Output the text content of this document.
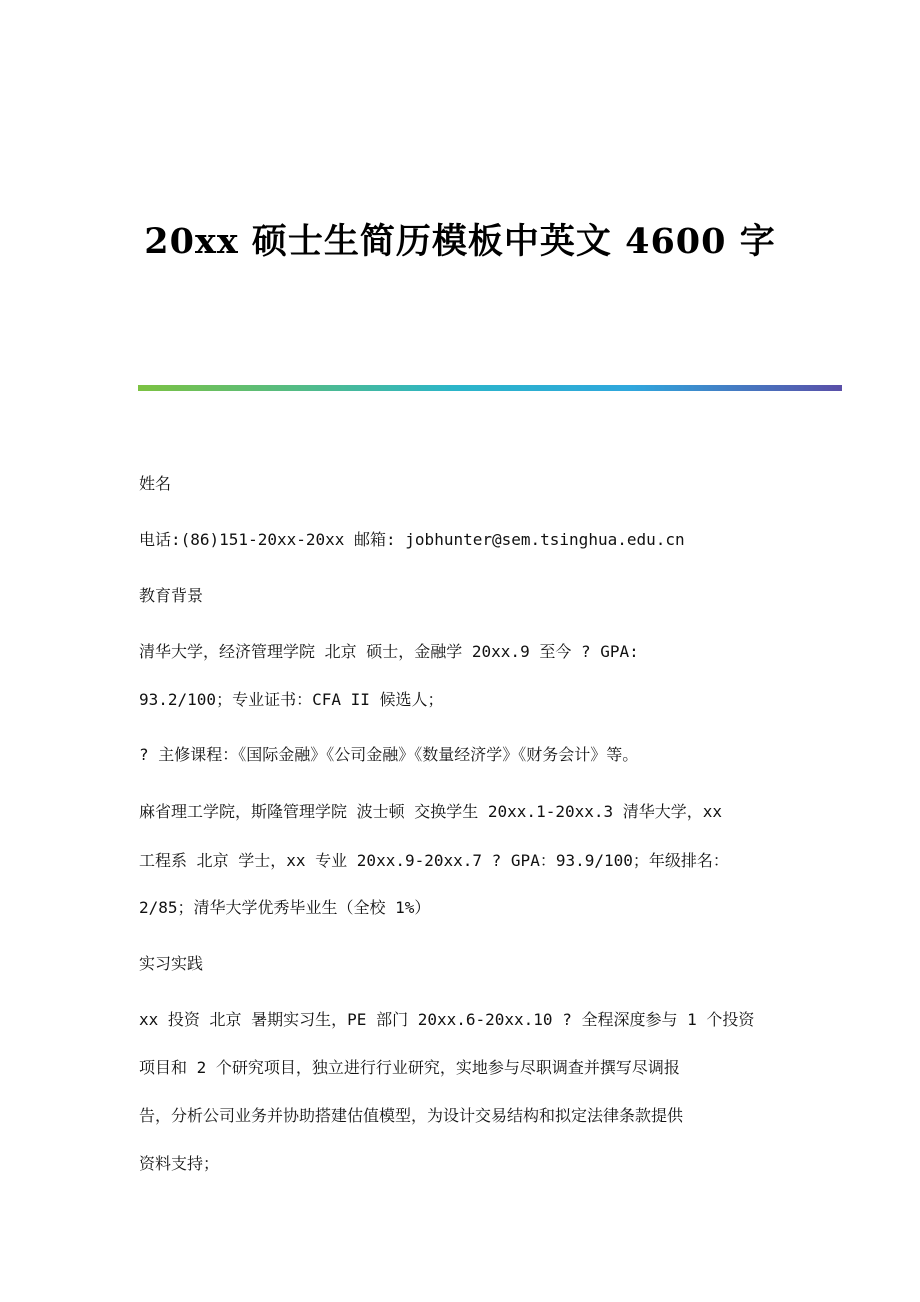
20xx 硕士生简历模板中英文 4600 字
姓名
电话:(86)151-20xx-20xx 邮箱: jobhunter@sem.tsinghua.edu.cn
教育背景
清华大学，经济管理学院 北京 硕士，金融学 20xx.9 至今 ? GPA:
93.2/100；专业证书：CFA II 候选人；
? 主修课程：《国际金融》《公司金融》《数量经济学》《财务会计》等。
麻省理工学院，斯隆管理学院 波士顿 交换学生 20xx.1-20xx.3 清华大学，xx
工程系 北京 学士，xx 专业 20xx.9-20xx.7 ? GPA：93.9/100；年级排名：
2/85；清华大学优秀毕业生（全校 1%）
实习实践
xx 投资 北京 暑期实习生，PE 部门 20xx.6-20xx.10 ? 全程深度参与 1 个投资
项目和 2 个研究项目，独立进行行业研究，实地参与尽职调查并撰写尽调报
告，分析公司业务并协助搭建估值模型，为设计交易结构和拟定法律条款提供
资料支持；
